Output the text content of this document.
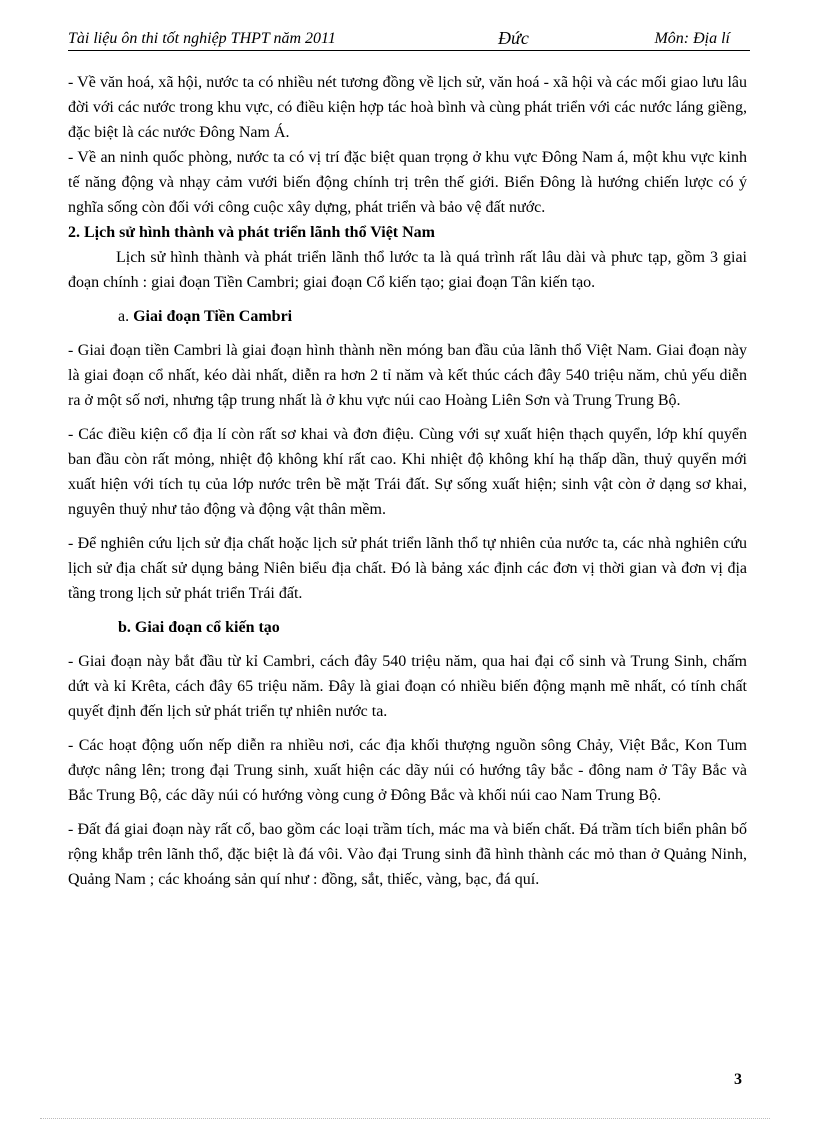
Tài liệu ôn thi tốt nghiệp THPT năm 2011	Đức	Môn: Địa lí

- Về văn hoá, xã hội, nước ta có nhiều nét tương đồng về lịch sử, văn hoá - xã hội và các mối giao lưu lâu đời với các nước trong khu vực, có điều kiện hợp tác hoà bình và cùng phát triển với các nước láng giềng, đặc biệt là các nước Đông Nam Á.

- Về an ninh quốc phòng, nước ta có vị trí đặc biệt quan trọng ở khu vực Đông Nam á, một khu vực kinh tế năng động và nhạy cảm vưới biến động chính trị trên thế giới. Biển Đông là hướng chiến lược có ý nghĩa sống còn đối với công cuộc xây dựng, phát triển và bảo vệ đất nước.

2. Lịch sử hình thành và phát triển lãnh thổ Việt Nam

Lịch sử hình thành và phát triển lãnh thổ lước ta là quá trình rất lâu dài và phưc tạp, gồm 3 giai đoạn chính : giai đoạn Tiền Cambri; giai đoạn Cổ kiến tạo; giai đoạn Tân kiến tạo.

a. Giai đoạn Tiền Cambri

- Giai đoạn tiền Cambri là giai đoạn hình thành nền móng ban đầu của lãnh thổ Việt Nam. Giai đoạn này là giai đoạn cổ nhất, kéo dài nhất, diễn ra hơn 2 tỉ năm và kết thúc cách đây 540 triệu năm, chủ yếu diễn ra ở một số nơi, nhưng tập trung nhất là ở khu vực núi cao Hoàng Liên Sơn và Trung Trung Bộ.

- Các điều kiện cổ địa lí còn rất sơ khai và đơn điệu. Cùng với sự xuất hiện thạch quyển, lớp khí quyển ban đầu còn rất mỏng, nhiệt độ không khí rất cao. Khi nhiệt độ không khí hạ thấp dần, thuỷ quyển mới xuất hiện với tích tụ của lớp nước trên bề mặt Trái đất. Sự sống xuất hiện; sinh vật còn ở dạng sơ khai, nguyên thuỷ như tảo động và động vật thân mềm.

- Để nghiên cứu lịch sử địa chất hoặc lịch sử phát triển lãnh thổ tự nhiên của nước ta, các nhà nghiên cứu lịch sử địa chất sử dụng bảng Niên biểu địa chất. Đó là bảng xác định các đơn vị thời gian và đơn vị địa tầng trong lịch sử phát triển Trái đất.

b. Giai đoạn cổ kiến tạo

- Giai đoạn này bắt đầu từ kỉ Cambri, cách đây 540 triệu năm, qua hai đại cổ sinh và Trung Sinh, chấm dứt và kỉ Krêta, cách đây 65 triệu năm. Đây là giai đoạn có nhiều biến động mạnh mẽ nhất, có tính chất quyết định đến lịch sử phát triển tự nhiên nước ta.

- Các hoạt động uốn nếp diễn ra nhiều nơi, các địa khối thượng nguồn sông Chảy, Việt Bắc, Kon Tum được nâng lên; trong đại Trung sinh, xuất hiện các dãy núi có hướng tây bắc - đông nam ở Tây Bắc và Bắc Trung Bộ, các dãy núi có hướng vòng cung ở Đông Bắc và khối núi cao Nam Trung Bộ.

- Đất đá giai đoạn này rất cổ, bao gồm các loại trầm tích, mác ma và biến chất. Đá trầm tích biển phân bố rộng khắp trên lãnh thổ, đặc biệt là đá vôi. Vào đại Trung sinh đã hình thành các mỏ than ở Quảng Ninh, Quảng Nam ; các khoáng sản quí như : đồng, sắt, thiếc, vàng, bạc, đá quí.

3
